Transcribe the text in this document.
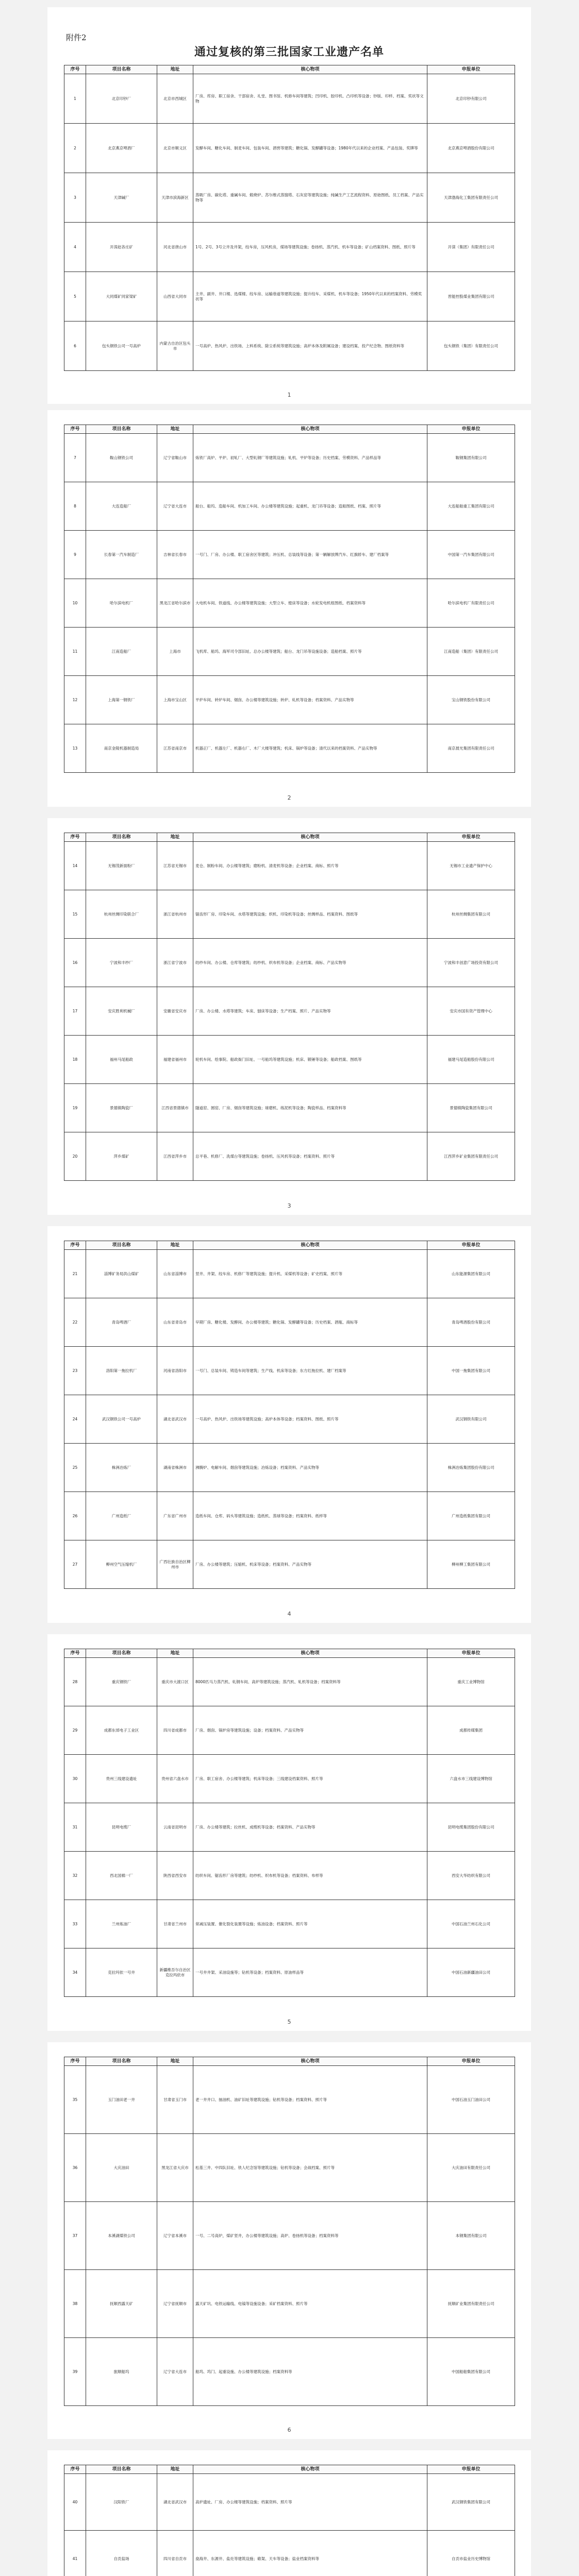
附件2
通过复核的第三批国家工业遗产名单
序号	项目名称	地址	核心物项	申报单位
1	北京印钞厂	北京市西城区	厂房、库房、职工宿舍、干部宿舍、礼堂、图书馆、机修车间等建筑；凹印机、胶印机、凸印机等设备；钞版、印样、档案、奖状等文物	北京印钞有限公司
2	北京燕京啤酒厂	北京市顺义区	发酵车间、糖化车间、制麦车间、包装车间、酒窖等建筑；糖化锅、发酵罐等设备；1980年代以来的企业档案、产品包装、奖牌等	北京燕京啤酒股份有限公司
3	天津碱厂	天津市滨海新区	蒸吸厂房、碳化塔、重碱车间、煅烧炉、苏尔维式蒸馏塔、石灰窑等建筑设施；纯碱生产工艺流程资料、原始图纸、员工档案、产品实物等	天津渤海化工集团有限责任公司
4	开滦赵各庄矿	河北省唐山市	1号、2号、3号立井及井架，绞车房，压风机房，煤场等建筑设施；卷扬机、蒸汽机、机车等设备；矿山档案资料、图纸、照片等	开滦（集团）有限责任公司
5	大同煤矿同家梁矿	山西省大同市	主井、副井、井口楼、选煤楼、绞车房、运输巷道等建筑设施；提升绞车、采煤机、机车等设备；1950年代以来的档案资料、劳模奖状等	晋能控股煤业集团有限公司
6	包头钢铁公司一号高炉	内蒙古自治区包头市	一号高炉、热风炉、出铁场、上料系统、除尘系统等建筑设施；高炉本体及附属设备；建设档案、投产纪念物、图纸资料等	包头钢铁（集团）有限责任公司
1
序号	项目名称	地址	核心物项	申报单位
7	鞍山钢铁公司	辽宁省鞍山市	炼铁厂高炉、平炉、初轧厂、大型轧钢厂等建筑设施；轧机、平炉等设备；历史档案、劳模资料、产品样品等	鞍钢集团有限公司
8	大连造船厂	辽宁省大连市	船台、船坞、造船车间、机加工车间、办公楼等建筑设施；起重机、龙门吊等设备；造船图纸、档案、照片等	大连船舶重工集团有限公司
9	长春第一汽车制造厂	吉林省长春市	一号门、厂房、办公楼、职工宿舍区等建筑；冲压机、总装线等设备；第一辆解放牌汽车、红旗轿车、建厂档案等	中国第一汽车集团有限公司
10	哈尔滨电机厂	黑龙江省哈尔滨市	大电机车间、铁道线、办公楼等建筑设施；大型立车、镗床等设备；水轮发电机组图纸、档案资料等	哈尔滨电机厂有限责任公司
11	江南造船厂	上海市	飞机库、船坞、海军司令部旧址、总办公楼等建筑；船台、龙门吊等设施设备；造船档案、照片等	江南造船（集团）有限责任公司
12	上海第一钢铁厂	上海市宝山区	平炉车间、转炉车间、烟囱、办公楼等建筑设施；转炉、轧机等设备；档案资料、产品实物等	宝山钢铁股份有限公司
13	南京金陵机器制造局	江苏省南京市	机器正厂、机器左厂、机器右厂、木厂大楼等建筑；机床、锅炉等设备；清代以来的档案资料、产品实物等	南京晨光集团有限责任公司
2
序号	项目名称	地址	核心物项	申报单位
14	无锡茂新面粉厂	江苏省无锡市	麦仓、制粉车间、办公楼等建筑；磨粉机、清麦机等设备；企业档案、商标、照片等	无锡市工业遗产保护中心
15	杭州丝绸印染联合厂	浙江省杭州市	锯齿形厂房、印染车间、水塔等建筑设施；织机、印染机等设备；丝绸样品、档案资料、图纸等	杭州丝绸集团有限公司
16	宁波和丰纱厂	浙江省宁波市	纺纱车间、办公楼、仓库等建筑；纺纱机、织布机等设备；企业档案、商标、产品实物等	宁波和丰创意广场投资有限公司
17	安庆胜利机械厂	安徽省安庆市	厂房、办公楼、水塔等建筑；车床、刨床等设备；生产档案、照片、产品实物等	安庆市国有资产管理中心
18	福州马尾船政	福建省福州市	轮机车间、绘事院、船政衙门旧址、一号船坞等建筑设施；机床、锻锤等设备；船政档案、图纸等	福建马尾造船股份有限公司
19	景德镇陶瓷厂	江西省景德镇市	隧道窑、圆窑、厂房、烟囱等建筑设施；球磨机、练泥机等设备；陶瓷样品、档案资料等	景德镇陶瓷集团有限公司
20	萍乡煤矿	江西省萍乡市	总平巷、机修厂、洗煤台等建筑设施；卷扬机、压风机等设备；档案资料、照片等	江西萍乡矿业集团有限责任公司
3
序号	项目名称	地址	核心物项	申报单位
21	淄博矿务局洪山煤矿	山东省淄博市	竖井、井架、绞车房、机修厂等建筑设施；提升机、采煤机等设备；矿史档案、照片等	山东能源集团有限公司
22	青岛啤酒厂	山东省青岛市	早期厂房、糖化楼、发酵间、办公楼等建筑；糖化锅、发酵罐等设备；历史档案、酒瓶、商标等	青岛啤酒股份有限公司
23	洛阳第一拖拉机厂	河南省洛阳市	一号门、总装车间、铸造车间等建筑；生产线、机床等设备；东方红拖拉机、建厂档案等	中国一拖集团有限公司
24	武汉钢铁公司一号高炉	湖北省武汉市	一号高炉、热风炉、出铁场等建筑设施；高炉本体等设备；档案资料、图纸、照片等	武汉钢铁有限公司
25	株洲冶炼厂	湖南省株洲市	沸腾炉、电解车间、烟囱等建筑设施；冶炼设备；档案资料、产品实物等	株洲冶炼集团股份有限公司
26	广州造纸厂	广东省广州市	造纸车间、仓库、码头等建筑设施；造纸机、蒸球等设备；档案资料、纸样等	广州造纸集团有限公司
27	柳州空气压缩机厂	广西壮族自治区柳州市	厂房、办公楼等建筑；压缩机、机床等设备；档案资料、产品实物等	柳州柳工集团有限公司
4
序号	项目名称	地址	核心物项	申报单位
28	重庆钢铁厂	重庆市大渡口区	8000匹马力蒸汽机、轧钢车间、高炉等建筑设施；蒸汽机、轧机等设备；档案资料等	重庆工业博物馆
29	成都东郊电子工业区	四川省成都市	厂房、烟囱、锅炉房等建筑设施；设备；档案资料、产品实物等	成都传媒集团
30	贵州三线建设遗址	贵州省六盘水市	厂房、职工宿舍、办公楼等建筑；机床等设备；三线建设档案资料、照片等	六盘水市三线建设博物馆
31	昆明电缆厂	云南省昆明市	厂房、办公楼等建筑；拉丝机、成缆机等设备；档案资料、产品实物等	昆明电缆集团股份有限公司
32	西北国棉一厂	陕西省西安市	纺织车间、锯齿形厂房等建筑；纺纱机、织布机等设备；档案资料、布样等	西安大华纺织有限公司
33	兰州炼油厂	甘肃省兰州市	常减压装置、催化裂化装置等设施；炼油设备；档案资料、照片等	中国石油兰州石化公司
34	克拉玛依一号井	新疆维吾尔自治区克拉玛依市	一号井井架、采油设施等；钻机等设备；档案资料、原油样品等	中国石油新疆油田公司
5
序号	项目名称	地址	核心物项	申报单位
35	玉门油田老一井	甘肃省玉门市	老一井井口、抽油机、油矿旧址等建筑设施；钻机等设备；档案资料、照片等	中国石油玉门油田公司
36	大庆油田	黑龙江省大庆市	松基三井、中四队旧址、铁人纪念馆等建筑设施；钻机等设备；会战档案、照片等	大庆油田有限责任公司
37	本溪湖煤铁公司	辽宁省本溪市	一号、二号高炉，煤矿竖井，办公楼等建筑设施；高炉、卷扬机等设备；档案资料等	本钢集团有限公司
38	抚顺西露天矿	辽宁省抚顺市	露天矿坑、电铁运输线、电镐等设施设备；采矿档案资料、照片等	抚顺矿业集团有限责任公司
39	旅顺船坞	辽宁省大连市	船坞、坞门、起重设施、办公楼等建筑设施；档案资料等	中国船舶集团有限公司
6
序号	项目名称	地址	核心物项	申报单位
40	汉阳铁厂	湖北省武汉市	高炉遗址、厂房、办公楼等建筑设施；档案资料、照片等	武汉钢铁集团有限公司
41	自贡盐场	四川省自贡市	燊海井、东源井、盐灶等建筑设施；碓架、天车等设备；盐业档案资料等	自贡市盐业历史博物馆
